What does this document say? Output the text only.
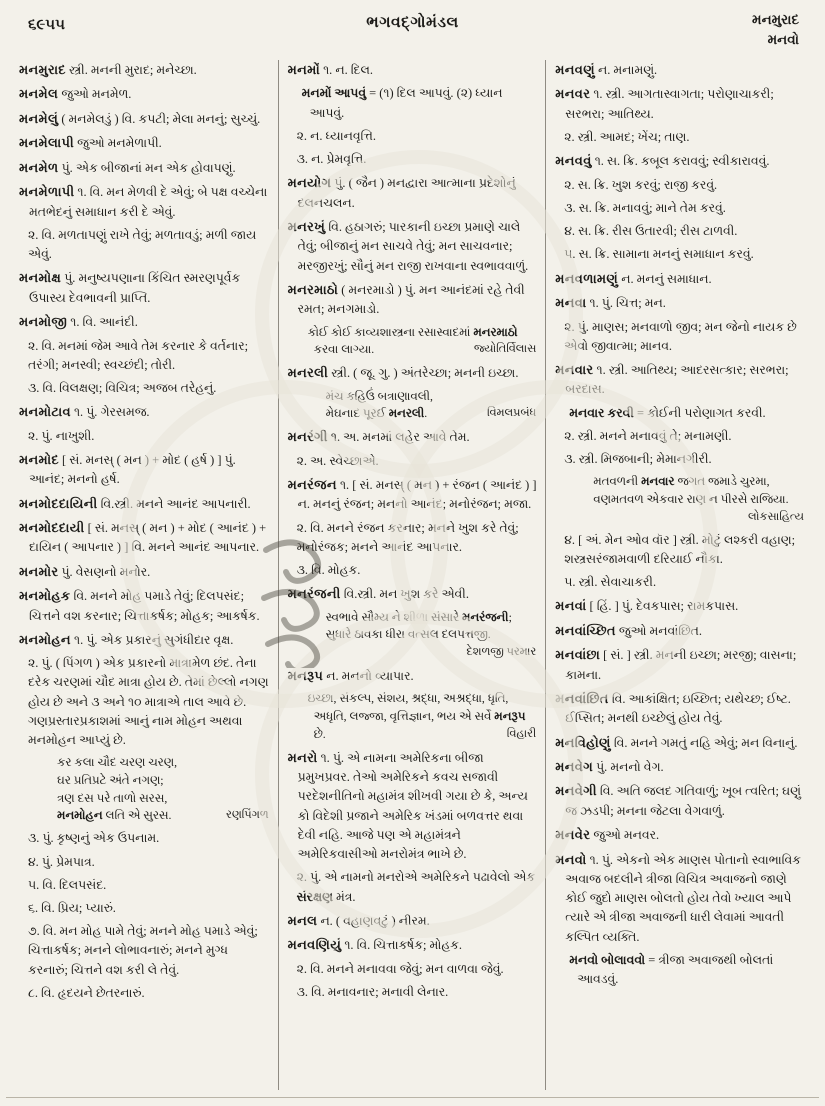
૬૯૫૫	ભગવદ્ગોમંડલ	મનમુરાદ
મનવો

મનમુરાદ સ્ત્રી. મનની મુરાદ; મનેચ્છા.

મનમેલ જુઓ મનમેળ.

મનમેલું ( મનમેલડું ) વિ. કપટી; મેલા મનનું; સુચ્ચું.

મનમેલાપી જુઓ મનમેળાપી.

મનમેળ પું. એક બીજાનાં મન એક હોવાપણું.

મનમેળાપી ૧. વિ. મન મેળવી દે એવું; બે પક્ષ વચ્ચેના મતભેદનું સમાધાન કરી દે એવું.

૨. વિ. મળતાપણું રાખે તેવું; મળતાવડું; મળી જાય એવું.

મનમોક્ષ પું. મનુષ્યપણાના કિંચિત સ્મરણપૂર્વક ઉપાસ્ય દેવભાવની પ્રાપ્તિ.

મનમોજી ૧. વિ. આનંદી.

૨. વિ. મનમાં જેમ આવે તેમ કરનાર કે વર્તનાર; તરંગી; મનસ્વી; સ્વચ્છંદી; તોરી.

૩. વિ. વિલક્ષણ; વિચિત્ર; અજબ તરેહનું.

મનમોટાવ ૧. પું. ગેરસમજ.

૨. પું. નાખુશી.

મનમોદ [ સં. મનસ્ ( મન ) + મોદ ( હર્ષ ) ] પું. આનંદ; મનનો હર્ષ.

મનમોદદાયિની વિ.સ્ત્રી. મનને આનંદ આપનારી.

મનમોદદાયી [ સં. મનસ્ ( મન ) + મોદ ( આનંદ ) + દાયિન ( આપનાર ) ] વિ. મનને આનંદ આપનાર.

મનમોર પું. વેસણનો મનોર.

મનમોહક વિ. મનને મોહ પમાડે તેવું; દિલપસંદ; ચિત્તને વશ કરનાર; ચિત્તાકર્ષક; મોહક; આકર્ષક.

મનમોહન ૧. પું. એક પ્રકારનું સુગંધીદાર વૃક્ષ.

૨. પું. ( પિંગળ ) એક પ્રકારનો માત્રામેળ છંદ. તેના દરેક ચરણમાં ચૌદ માત્રા હોય છે. તેમાં છેલ્લો નગણ હોય છે અને ૩ અને ૧૦ માત્રાએ તાલ આવે છે. ગણપ્રસ્તારપ્રકાશમાં આનું નામ મોહન અથવા મનમોહન આપ્યું છે.

કર કલા ચૌદ ચરણ ચરણ,
ઘર પ્રતિપ્રટે અંતે નગણ;
ત્રણ દસ પરે તાળો સરસ,
મનમોહન લતિ એ સુરસ.	રણપિંગળ

૩. પું. કૃષ્ણનું એક ઉપનામ.

૪. પું. પ્રેમપાત્ર.

૫. વિ. દિલપસંદ.

૬. વિ. પ્રિય; પ્યારું.

૭. વિ. મન મોહ પામે તેવું; મનને મોહ પમાડે એવું; ચિત્તાકર્ષક; મનને લોભાવનારું; મનને મુગ્ધ કરનારું; ચિત્તને વશ કરી લે તેવું.

૮. વિ. હૃદયને છેતરનારું.

મનમોં ૧. ન. દિલ.

મનમોં આપવું = (૧) દિલ આપવું. (૨) ધ્યાન આપવું.

૨. ન. ધ્યાનવૃત્તિ.

૩. ન. પ્રેમવૃત્તિ.

મનયોગ પું. ( જૈન ) મનદ્વારા આત્માના પ્રદેશોનું દલનચલન.

મનરખું વિ. હઠાગરું; પારકાની ઇચ્છા પ્રમાણે ચાલે તેવું; બીજાનું મન સાચવે તેવું; મન સાચવનાર; મરજીરખું; સૌનું મન રાજી રાખવાના સ્વભાવવાળું.

મનરમાઠો ( મનરમાડો ) પું. મન આનંદમાં રહે તેવી રમત; મનગમાડો.

કોઈ કોઈ કાવ્યશાસ્ત્રના રસાસ્વાદમાં મનરમાઠો કરવા લાગ્યા.	જ્યોતિર્વિલાસ

મનરલી સ્ત્રી. ( જૂ. ગુ. ) અંતરેચ્છા; મનની ઇચ્છા.

મંચ કહિઉં બત્રાણાવલી,
મેઘનાદ પૂરઈ મનરલી.	વિમલપ્રબંધ

મનરંગી ૧. અ. મનમાં લહેર આવે તેમ.

૨. અ. સ્વેચ્છાએ.

મનરંજન ૧. [ સં. મનસ્ ( મન ) + રંજન ( આનંદ ) ] ન. મનનું રંજન; મનનો આનંદ; મનોરંજન; મજા.

૨. વિ. મનને રંજન કરનાર; મનને ખુશ કરે તેવું; મનોરંજક; મનને આનંદ આપનાર.

૩. વિ. મોહક.

મનરંજની વિ.સ્ત્રી. મન ખુશ કરે એવી.

સ્વભાવે સૌમ્ય ને શીળા સંસારે મનરંજની;
સુધારે ઠાવકા ધીરા વત્સલ દલપત્તજી.
દેશળજી પરમાર

મનરૂપ ન. મનનો વ્યાપાર.

ઇચ્છા, સંકલ્પ, સંશય, શ્રદ્ધા, અશ્રદ્ધા, ધૃતિ, અધૃતિ, લજ્જા, વૃત્તિજ્ઞાન, ભય એ સર્વે મનરૂપ છે.	વિહારી

મનરો ૧. પું. એ નામના અમેરિકના બીજા પ્રમુખપ્રવર. તેઓ અમેરિકને કવચ સજાવી પરદેશનીતિનો મહામંત્ર શીખવી ગયા છે કે, અન્ય કો વિદેશી પ્રજાને અમેરિક ખંડમાં બળવત્તર થવા દેવી નહિ. આજે પણ એ મહામંત્રને અમેરિકવાસીઓ મનરોમંત્ર ભાખે છે.

૨. પું. એ નામનો મનરોએ અમેરિકને પઢાવેલો એક સંરક્ષણ મંત્ર.

મનલ ન. ( વહાણવટું ) નીરમ.

મનવણિયું ૧. વિ. ચિત્તાકર્ષક; મોહક.

૨. વિ. મનને મનાવવા જેવું; મન વાળવા જેવું.

૩. વિ. મનાવનાર; મનાવી લેનાર.

મનવણું ન. મનામણું.

મનવર ૧. સ્ત્રી. આગતાસ્વાગતા; પરોણાચાકરી; સરભરા; આતિથ્ય.

૨. સ્ત્રી. આમદ; ખેંચ; તાણ.

મનવવું ૧. સ. ક્રિ. કબૂલ કરાવવું; સ્વીકારાવવું.

૨. સ. ક્રિ. ખુશ કરવું; રાજી કરવું.

૩. સ. ક્રિ. મનાવવું; માને તેમ કરવું.

૪. સ. ક્રિ. રીસ ઉતારવી; રીસ ટાળવી.

૫. સ. ક્રિ. સામાના મનનું સમાધાન કરવું.

મનવળામણું ન. મનનું સમાધાન.

મનવા ૧. પું. ચિત્ત; મન.

૨. પું. માણસ; મનવાળો જીવ; મન જેનો નાયક છે એવો જીવાત્મા; માનવ.

મનવાર ૧. સ્ત્રી. આતિથ્ય; આદરસત્કાર; સરભરા; બરદાસ.

મનવાર કરવી = કોઈની પરોણાગત કરવી.

૨. સ્ત્રી. મનને મનાવવું તે; મનામણી.

૩. સ્ત્રી. મિજબાની; મેમાનગીરી.

મતવળની મનવાર જગત જમાડે ચુરમા,
વણમતવળ એકવાર રાણ ન પીરસે રાજિયા.
લોકસાહિત્ય

૪. [ અં. મેન ઓવ વૉર ] સ્ત્રી. મોટું લશ્કરી વહાણ; શસ્ત્રસરંજામવાળી દરિયાઈ નૌકા.

૫. સ્ત્રી. સેવાચાકરી.

મનવાં [ હિં. ] પું. દેવકપાસ; રામકપાસ.

મનવાંચ્છિત જુઓ મનવાંછિત.

મનવાંછા [ સં. ] સ્ત્રી. મનની ઇચ્છા; મરજી; વાસના; કામના.

મનવાંછિત વિ. આકાંક્ષિત; ઇચ્છિત; યથેચ્છ; ઈષ્ટ. ઈપ્સિત; મનથી ઇચ્છેલું હોય તેવું.

મનવિહોણું વિ. મનને ગમતું નહિ એવું; મન વિનાનું.

મનવેગ પું. મનનો વેગ.

મનવેગી વિ. અતિ જલદ ગતિવાળું; ખૂબ ત્વરિત; ઘણું જ ઝડપી; મનના જેટલા વેગવાળું.

મનવેર જુઓ મનવર.

મનવો ૧. પું. એકનો એક માણસ પોતાનો સ્વાભાવિક અવાજ બદલીને ત્રીજા વિચિત્ર અવાજનો જાણે કોઈ જુદો માણસ બોલતો હોય તેવો ખ્યાલ આપે ત્યારે એ ત્રીજા અવાજની ધારી લેવામાં આવતી કલ્પિત વ્યક્તિ.

મનવો બોલાવવો = ત્રીજા અવાજથી બોલતાં આવડવું.
